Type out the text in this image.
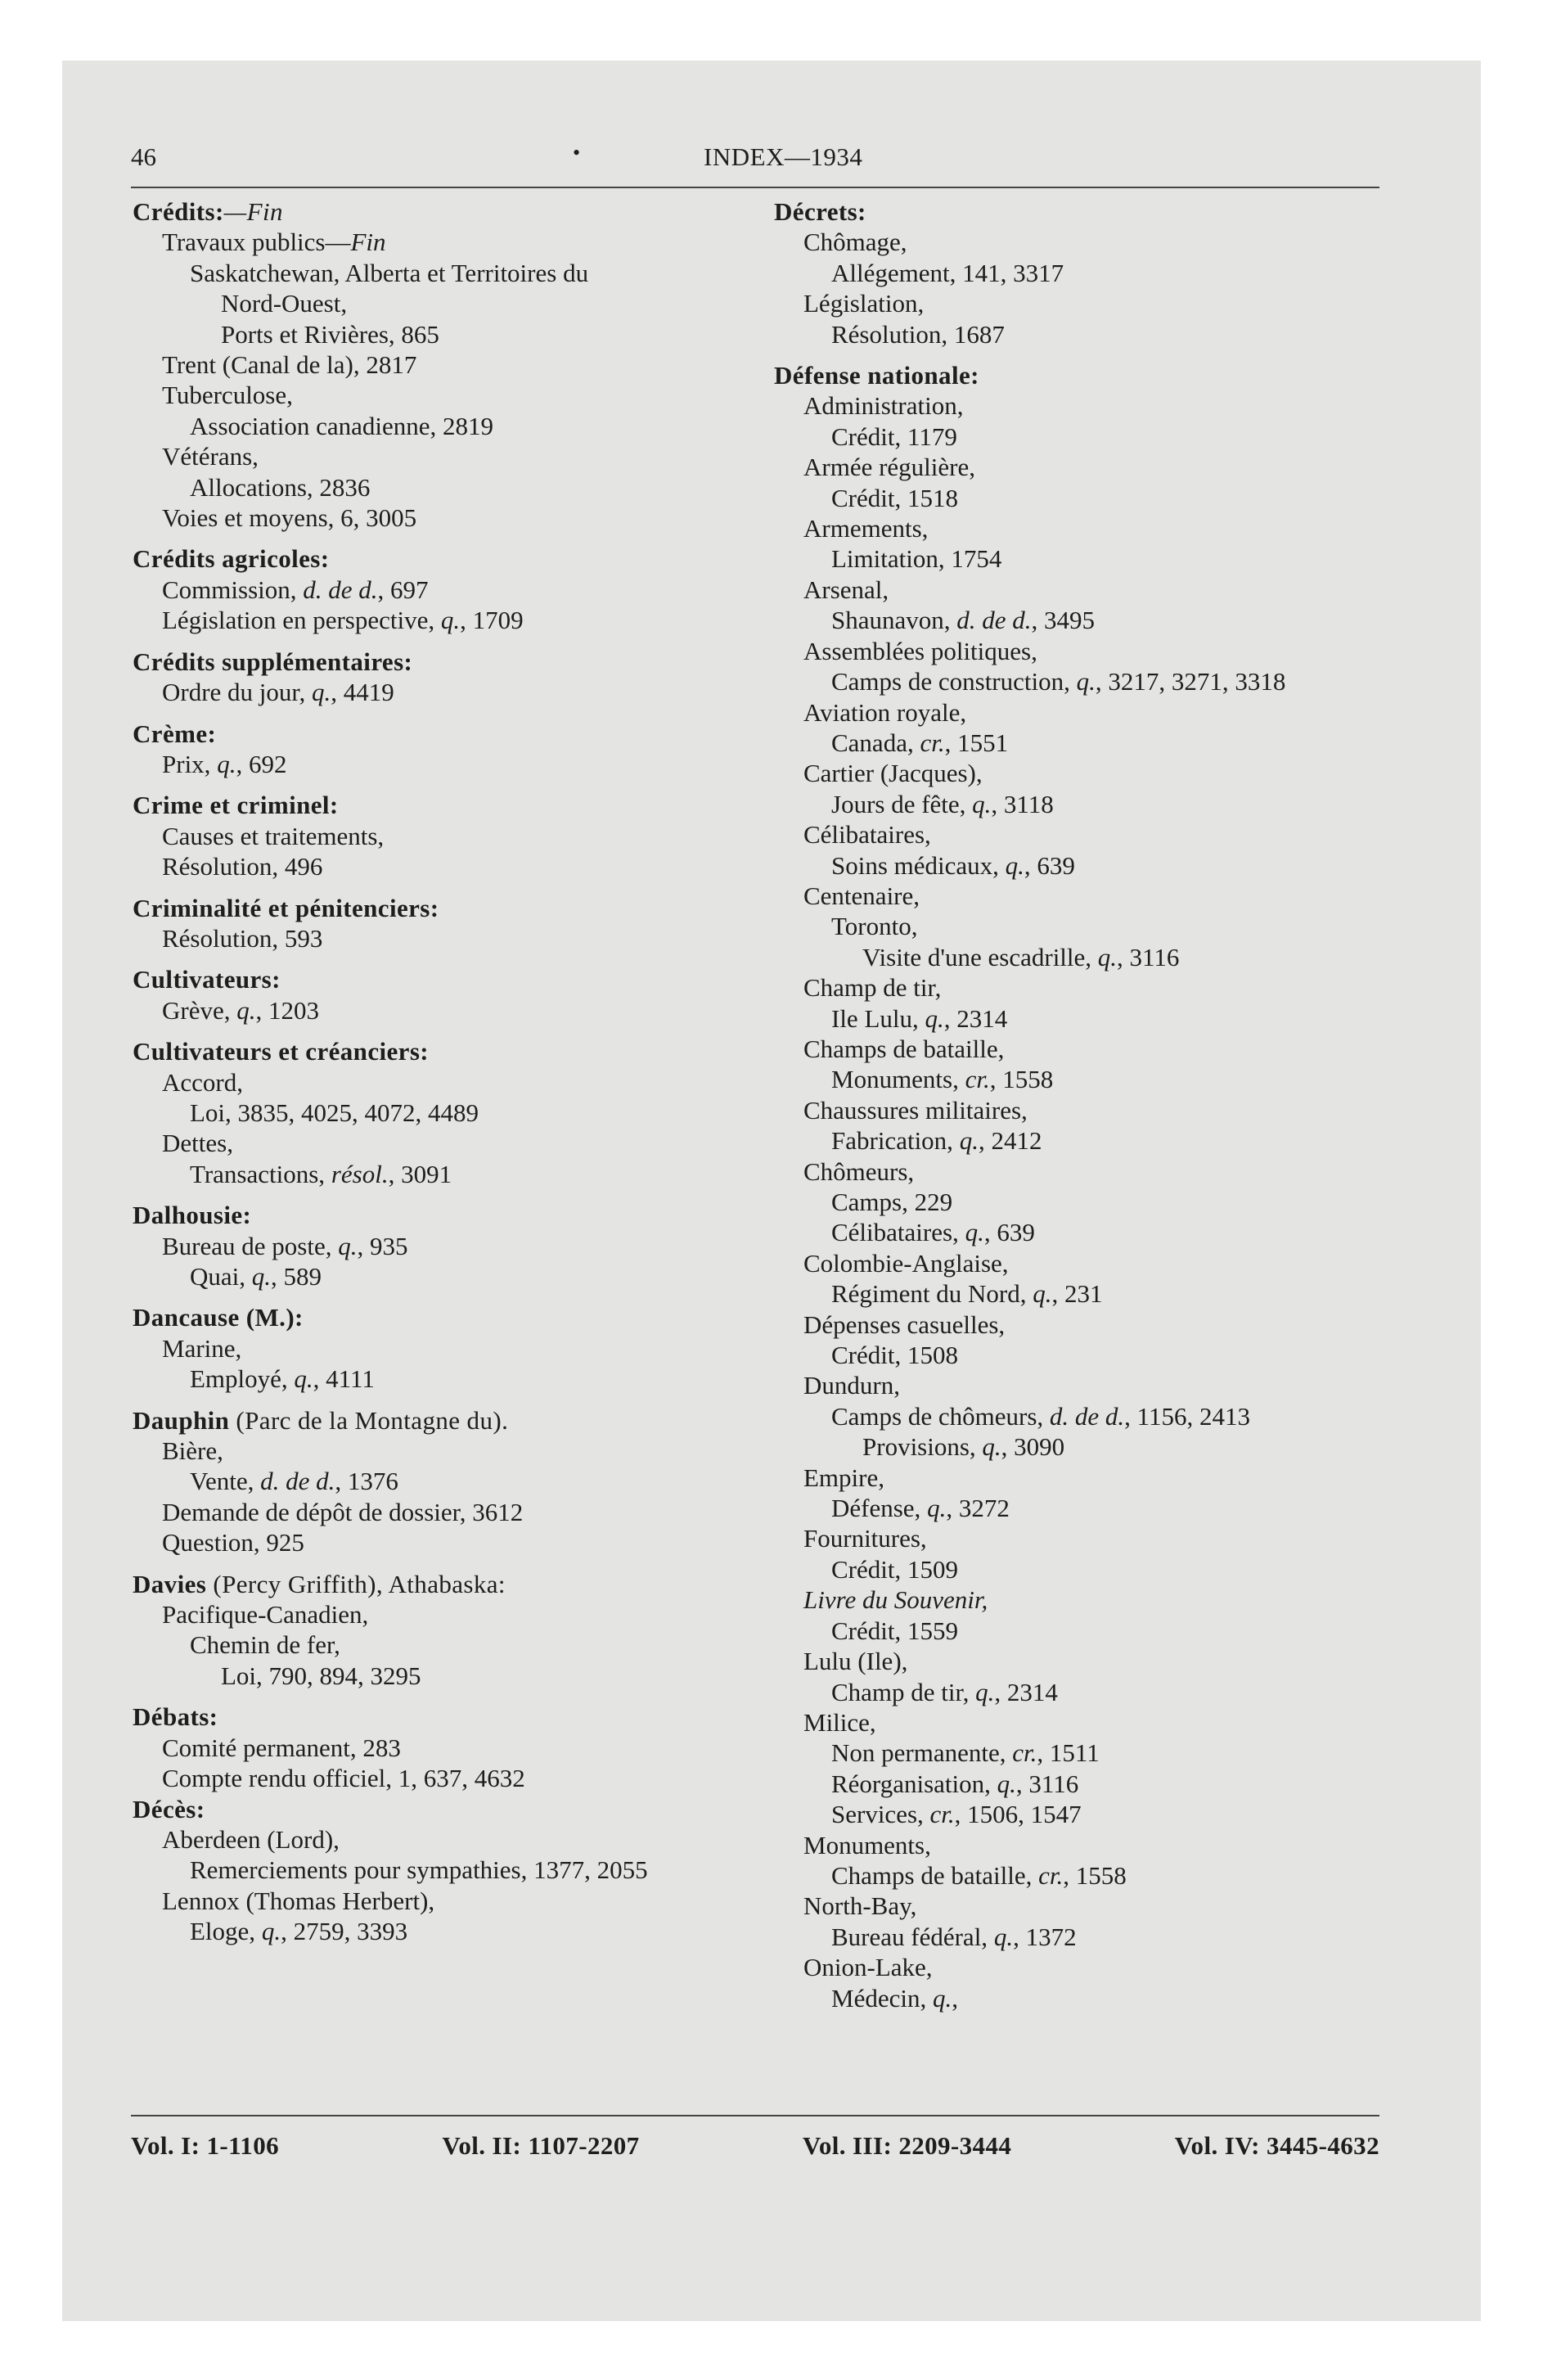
46	•	INDEX—1934
Crédits:—Fin
Travaux publics—Fin
Saskatchewan, Alberta et Territoires du
Nord-Ouest,
Ports et Rivières, 865
Trent (Canal de la), 2817
Tuberculose,
Association canadienne, 2819
Vétérans,
Allocations, 2836
Voies et moyens, 6, 3005
Crédits agricoles:
Commission, d. de d., 697
Législation en perspective, q., 1709
Crédits supplémentaires:
Ordre du jour, q., 4419
Crème:
Prix, q., 692
Crime et criminel:
Causes et traitements,
Résolution, 496
Criminalité et pénitenciers:
Résolution, 593
Cultivateurs:
Grève, q., 1203
Cultivateurs et créanciers:
Accord,
Loi, 3835, 4025, 4072, 4489
Dettes,
Transactions, résol., 3091
Dalhousie:
Bureau de poste, q., 935
Quai, q., 589
Dancause (M.):
Marine,
Employé, q., 4111
Dauphin (Parc de la Montagne du).
Bière,
Vente, d. de d., 1376
Demande de dépôt de dossier, 3612
Question, 925
Davies (Percy Griffith), Athabaska:
Pacifique-Canadien,
Chemin de fer,
Loi, 790, 894, 3295
Débats:
Comité permanent, 283
Compte rendu officiel, 1, 637, 4632
Décès:
Aberdeen (Lord),
Remerciements pour sympathies, 1377, 2055
Lennox (Thomas Herbert),
Eloge, q., 2759, 3393
Décrets:
Chômage,
Allégement, 141, 3317
Législation,
Résolution, 1687
Défense nationale:
Administration,
Crédit, 1179
Armée régulière,
Crédit, 1518
Armements,
Limitation, 1754
Arsenal,
Shaunavon, d. de d., 3495
Assemblées politiques,
Camps de construction, q., 3217, 3271, 3318
Aviation royale,
Canada, cr., 1551
Cartier (Jacques),
Jours de fête, q., 3118
Célibataires,
Soins médicaux, q., 639
Centenaire,
Toronto,
Visite d'une escadrille, q., 3116
Champ de tir,
Ile Lulu, q., 2314
Champs de bataille,
Monuments, cr., 1558
Chaussures militaires,
Fabrication, q., 2412
Chômeurs,
Camps, 229
Célibataires, q., 639
Colombie-Anglaise,
Régiment du Nord, q., 231
Dépenses casuelles,
Crédit, 1508
Dundurn,
Camps de chômeurs, d. de d., 1156, 2413
Provisions, q., 3090
Empire,
Défense, q., 3272
Fournitures,
Crédit, 1509
Livre du Souvenir,
Crédit, 1559
Lulu (Ile),
Champ de tir, q., 2314
Milice,
Non permanente, cr., 1511
Réorganisation, q., 3116
Services, cr., 1506, 1547
Monuments,
Champs de bataille, cr., 1558
North-Bay,
Bureau fédéral, q., 1372
Onion-Lake,
Médecin, q.,
Vol. I: 1-1106	Vol. II: 1107-2207	Vol. III: 2209-3444	Vol. IV: 3445-4632
